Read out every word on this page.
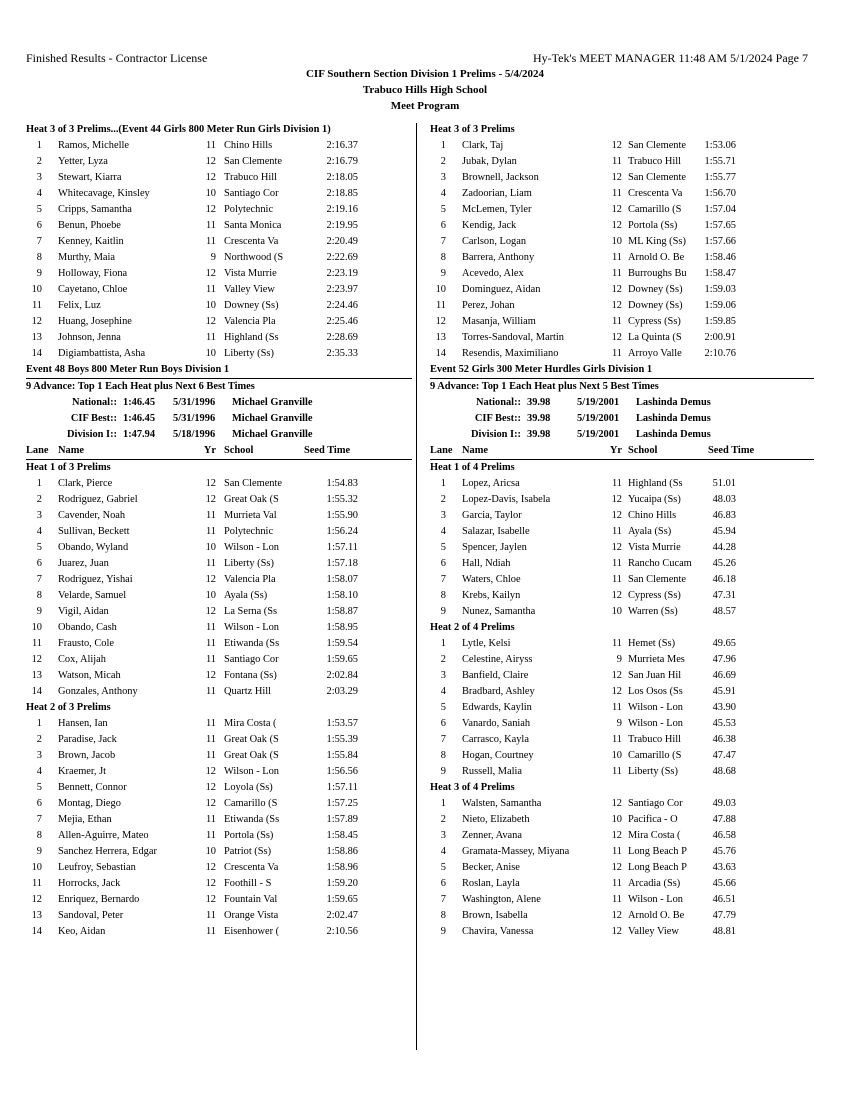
Finished Results - Contractor License	Hy-Tek's MEET MANAGER 11:48 AM 5/1/2024 Page 7
CIF Southern Section Division 1 Prelims - 5/4/2024
Trabuco Hills High School
Meet Program
Heat 3 of 3 Prelims...(Event 44 Girls 800 Meter Run Girls Division 1)
1 Ramos, Michelle	11 Chino Hills	2:16.37
2 Yetter, Lyza	12 San Clemente	2:16.79
3 Stewart, Kiarra	12 Trabuco Hill	2:18.05
4 Whitecavage, Kinsley	10 Santiago Cor	2:18.85
5 Cripps, Samantha	12 Polytechnic	2:19.16
6 Benun, Phoebe	11 Santa Monica	2:19.95
7 Kenney, Kaitlin	11 Crescenta Va	2:20.49
8 Murthy, Maia	9 Northwood (S	2:22.69
9 Holloway, Fiona	12 Vista Murrie	2:23.19
10 Cayetano, Chloe	11 Valley View	2:23.97
11 Felix, Luz	10 Downey (Ss)	2:24.46
12 Huang, Josephine	12 Valencia Pla	2:25.46
13 Johnson, Jenna	11 Highland (Ss	2:28.69
14 Digiambattista, Asha	10 Liberty (Ss)	2:35.33
Event 48 Boys 800 Meter Run Boys Division 1
9 Advance: Top 1 Each Heat plus Next 6 Best Times
National:: 1:46.45 5/31/1996 Michael Granville
CIF Best:: 1:46.45 5/31/1996 Michael Granville
Division I:: 1:47.94 5/18/1996 Michael Granville
Lane Name	Yr School	Seed Time
Heat 1 of 3 Prelims
1 Clark, Pierce	12 San Clemente	1:54.83
2 Rodriguez, Gabriel	12 Great Oak (S	1:55.32
3 Cavender, Noah	11 Murrieta Val	1:55.90
4 Sullivan, Beckett	11 Polytechnic	1:56.24
5 Obando, Wyland	10 Wilson - Lon	1:57.11
6 Juarez, Juan	11 Liberty (Ss)	1:57.18
7 Rodriguez, Yishai	12 Valencia Pla	1:58.07
8 Velarde, Samuel	10 Ayala (Ss)	1:58.10
9 Vigil, Aidan	12 La Serna (Ss	1:58.87
10 Obando, Cash	11 Wilson - Lon	1:58.95
11 Frausto, Cole	11 Etiwanda (Ss	1:59.54
12 Cox, Alijah	11 Santiago Cor	1:59.65
13 Watson, Micah	12 Fontana (Ss)	2:02.84
14 Gonzales, Anthony	11 Quartz Hill	2:03.29
Heat 2 of 3 Prelims
1 Hansen, Ian	11 Mira Costa (	1:53.57
2 Paradise, Jack	11 Great Oak (S	1:55.39
3 Brown, Jacob	11 Great Oak (S	1:55.84
4 Kraemer, Jt	12 Wilson - Lon	1:56.56
5 Bennett, Connor	12 Loyola (Ss)	1:57.11
6 Montag, Diego	12 Camarillo (S	1:57.25
7 Mejia, Ethan	11 Etiwanda (Ss	1:57.89
8 Allen-Aguirre, Mateo	11 Portola (Ss)	1:58.45
9 Sanchez Herrera, Edgar	10 Patriot (Ss)	1:58.86
10 Leufroy, Sebastian	12 Crescenta Va	1:58.96
11 Horrocks, Jack	12 Foothill - S	1:59.20
12 Enriquez, Bernardo	12 Fountain Val	1:59.65
13 Sandoval, Peter	11 Orange Vista	2:02.47
14 Keo, Aidan	11 Eisenhower (	2:10.56
Heat 3 of 3 Prelims
1 Clark, Taj	12 San Clemente	1:53.06
2 Jubak, Dylan	11 Trabuco Hill	1:55.71
3 Brownell, Jackson	12 San Clemente	1:55.77
4 Zadoorian, Liam	11 Crescenta Va	1:56.70
5 McLemen, Tyler	12 Camarillo (S	1:57.04
6 Kendig, Jack	12 Portola (Ss)	1:57.65
7 Carlson, Logan	10 ML King (Ss)	1:57.66
8 Barrera, Anthony	11 Arnold O. Be	1:58.46
9 Acevedo, Alex	11 Burroughs Bu	1:58.47
10 Dominguez, Aidan	12 Downey (Ss)	1:59.03
11 Perez, Johan	12 Downey (Ss)	1:59.06
12 Masanja, William	11 Cypress (Ss)	1:59.85
13 Torres-Sandoval, Martin	12 La Quinta (S	2:00.91
14 Resendis, Maximiliano	11 Arroyo Valle	2:10.76
Event 52 Girls 300 Meter Hurdles Girls Division 1
9 Advance: Top 1 Each Heat plus Next 5 Best Times
National:: 39.98	5/19/2001 Lashinda Demus
CIF Best:: 39.98	5/19/2001 Lashinda Demus
Division I:: 39.98	5/19/2001 Lashinda Demus
Lane Name	Yr School	Seed Time
Heat 1 of 4 Prelims
1 Lopez, Aricsa	11 Highland (Ss	51.01
2 Lopez-Davis, Isabela	12 Yucaipa (Ss)	48.03
3 Garcia, Taylor	12 Chino Hills	46.83
4 Salazar, Isabelle	11 Ayala (Ss)	45.94
5 Spencer, Jaylen	12 Vista Murrie	44.28
6 Hall, Ndiah	11 Rancho Cucam	45.26
7 Waters, Chloe	11 San Clemente	46.18
8 Krebs, Kailyn	12 Cypress (Ss)	47.31
9 Nunez, Samantha	10 Warren (Ss)	48.57
Heat 2 of 4 Prelims
1 Lytle, Kelsi	11 Hemet (Ss)	49.65
2 Celestine, Airyss	9 Murrieta Mes	47.96
3 Banfield, Claire	12 San Juan Hil	46.69
4 Bradbard, Ashley	12 Los Osos (Ss	45.91
5 Edwards, Kaylin	11 Wilson - Lon	43.90
6 Vanardo, Saniah	9 Wilson - Lon	45.53
7 Carrasco, Kayla	11 Trabuco Hill	46.38
8 Hogan, Courtney	10 Camarillo (S	47.47
9 Russell, Malia	11 Liberty (Ss)	48.68
Heat 3 of 4 Prelims
1 Walsten, Samantha	12 Santiago Cor	49.03
2 Nieto, Elizabeth	10 Pacifica - O	47.88
3 Zenner, Avana	12 Mira Costa (	46.58
4 Gramata-Massey, Miyana	11 Long Beach P	45.76
5 Becker, Anise	12 Long Beach P	43.63
6 Roslan, Layla	11 Arcadia (Ss)	45.66
7 Washington, Alene	11 Wilson - Lon	46.51
8 Brown, Isabella	12 Arnold O. Be	47.79
9 Chavira, Vanessa	12 Valley View	48.81
